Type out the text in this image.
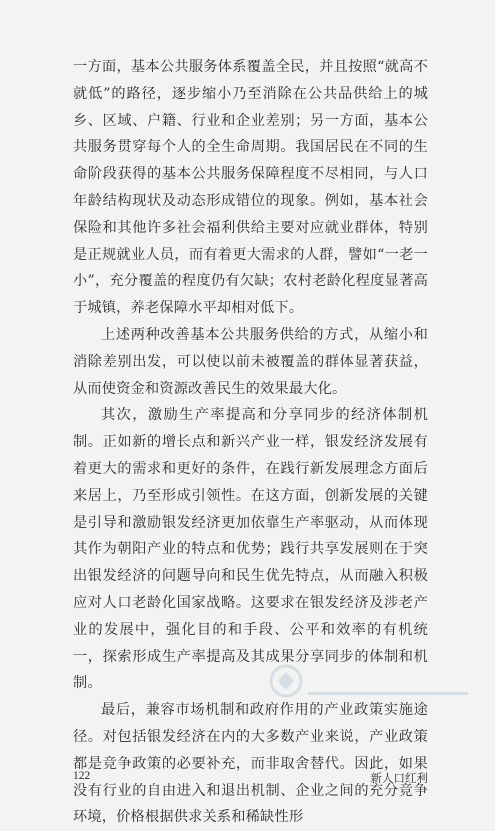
一方面，基本公共服务体系覆盖全民，并且按照“就高不就低”的路径，逐步缩小乃至消除在公共品供给上的城乡、区域、户籍、行业和企业差别；另一方面，基本公共服务贯穿每个人的全生命周期。我国居民在不同的生命阶段获得的基本公共服务保障程度不尽相同，与人口年龄结构现状及动态形成错位的现象。例如，基本社会保险和其他许多社会福利供给主要对应就业群体，特别是正规就业人员，而有着更大需求的人群，譬如“一老一小”，充分覆盖的程度仍有欠缺；农村老龄化程度显著高于城镇，养老保障水平却相对低下。

上述两种改善基本公共服务供给的方式，从缩小和消除差别出发，可以使以前未被覆盖的群体显著获益，从而使资金和资源改善民生的效果最大化。

其次，激励生产率提高和分享同步的经济体制机制。正如新的增长点和新兴产业一样，银发经济发展有着更大的需求和更好的条件，在践行新发展理念方面后来居上，乃至形成引领性。在这方面，创新发展的关键是引导和激励银发经济更加依靠生产率驱动，从而体现其作为朝阳产业的特点和优势；践行共享发展则在于突出银发经济的问题导向和民生优先特点，从而融入积极应对人口老龄化国家战略。这要求在银发经济及涉老产业的发展中，强化目的和手段、公平和效率的有机统一，探索形成生产率提高及其成果分享同步的体制和机制。

最后，兼容市场机制和政府作用的产业政策实施途径。对包括银发经济在内的大多数产业来说，产业政策都是竞争政策的必要补充，而非取舍替代。因此，如果没有行业的自由进入和退出机制、企业之间的充分竞争环境，价格根据供求关系和稀缺性形

122	新人口红利
